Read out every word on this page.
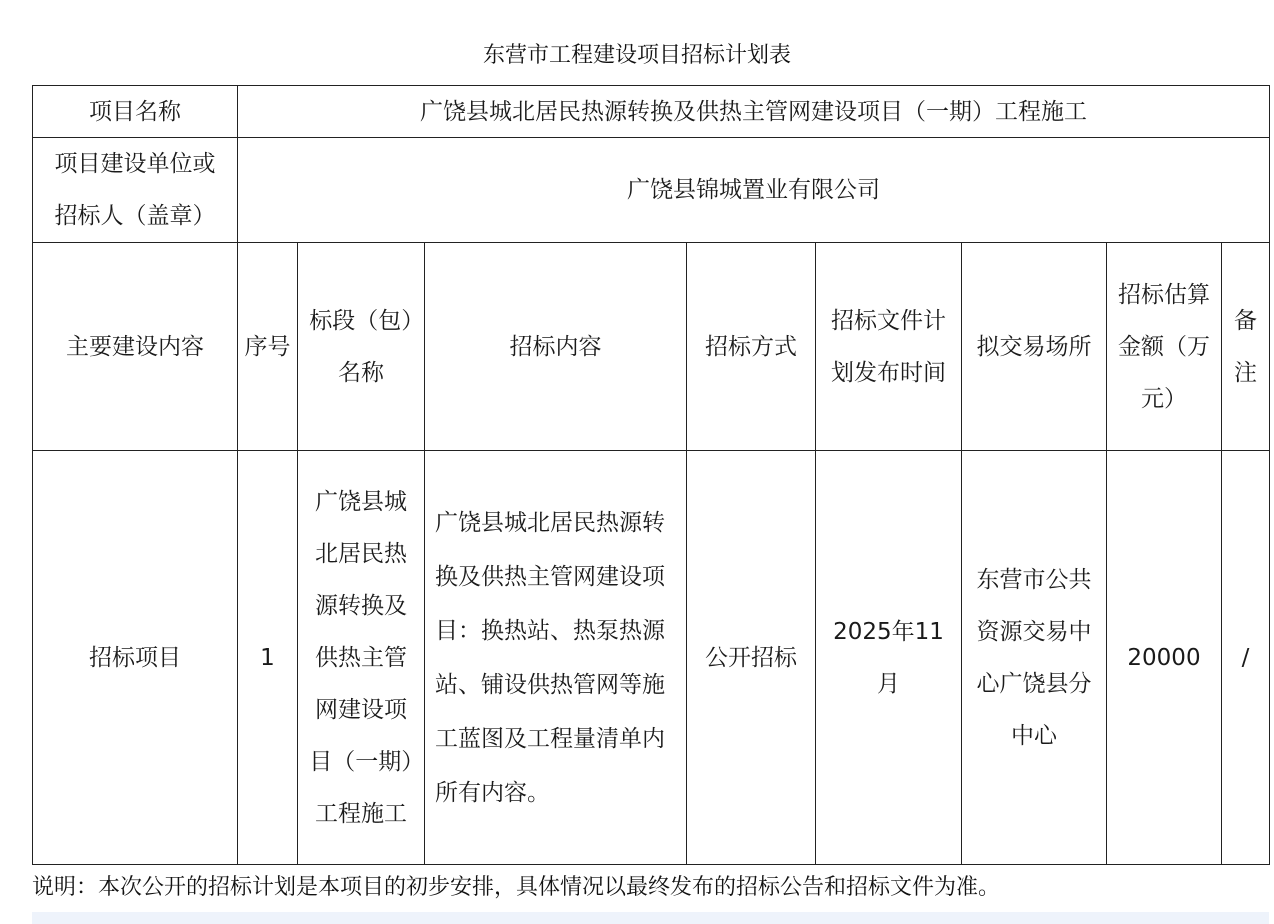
东营市工程建设项目招标计划表
项目名称	广饶县城北居民热源转换及供热主管网建设项目（一期）工程施工							

项目建设单位或
招标人（盖章）	广饶县锦城置业有限公司							
主要建设内容	序号	标段（包）名称	招标内容	招标方式	招标文件计划发布时间	拟交易场所	招标估算金额（万元）	备注
招标项目	1	广饶县城北居民热源转换及供热主管网建设项目（一期）工程施工	广饶县城北居民热源转换及供热主管网建设项目：换热站、热泵热源站、铺设供热管网等施工蓝图及工程量清单内所有内容。	公开招标	2025年11月	东营市公共资源交易中心广饶县分中心	20000	/
说明：本次公开的招标计划是本项目的初步安排，具体情况以最终发布的招标公告和招标文件为准。
